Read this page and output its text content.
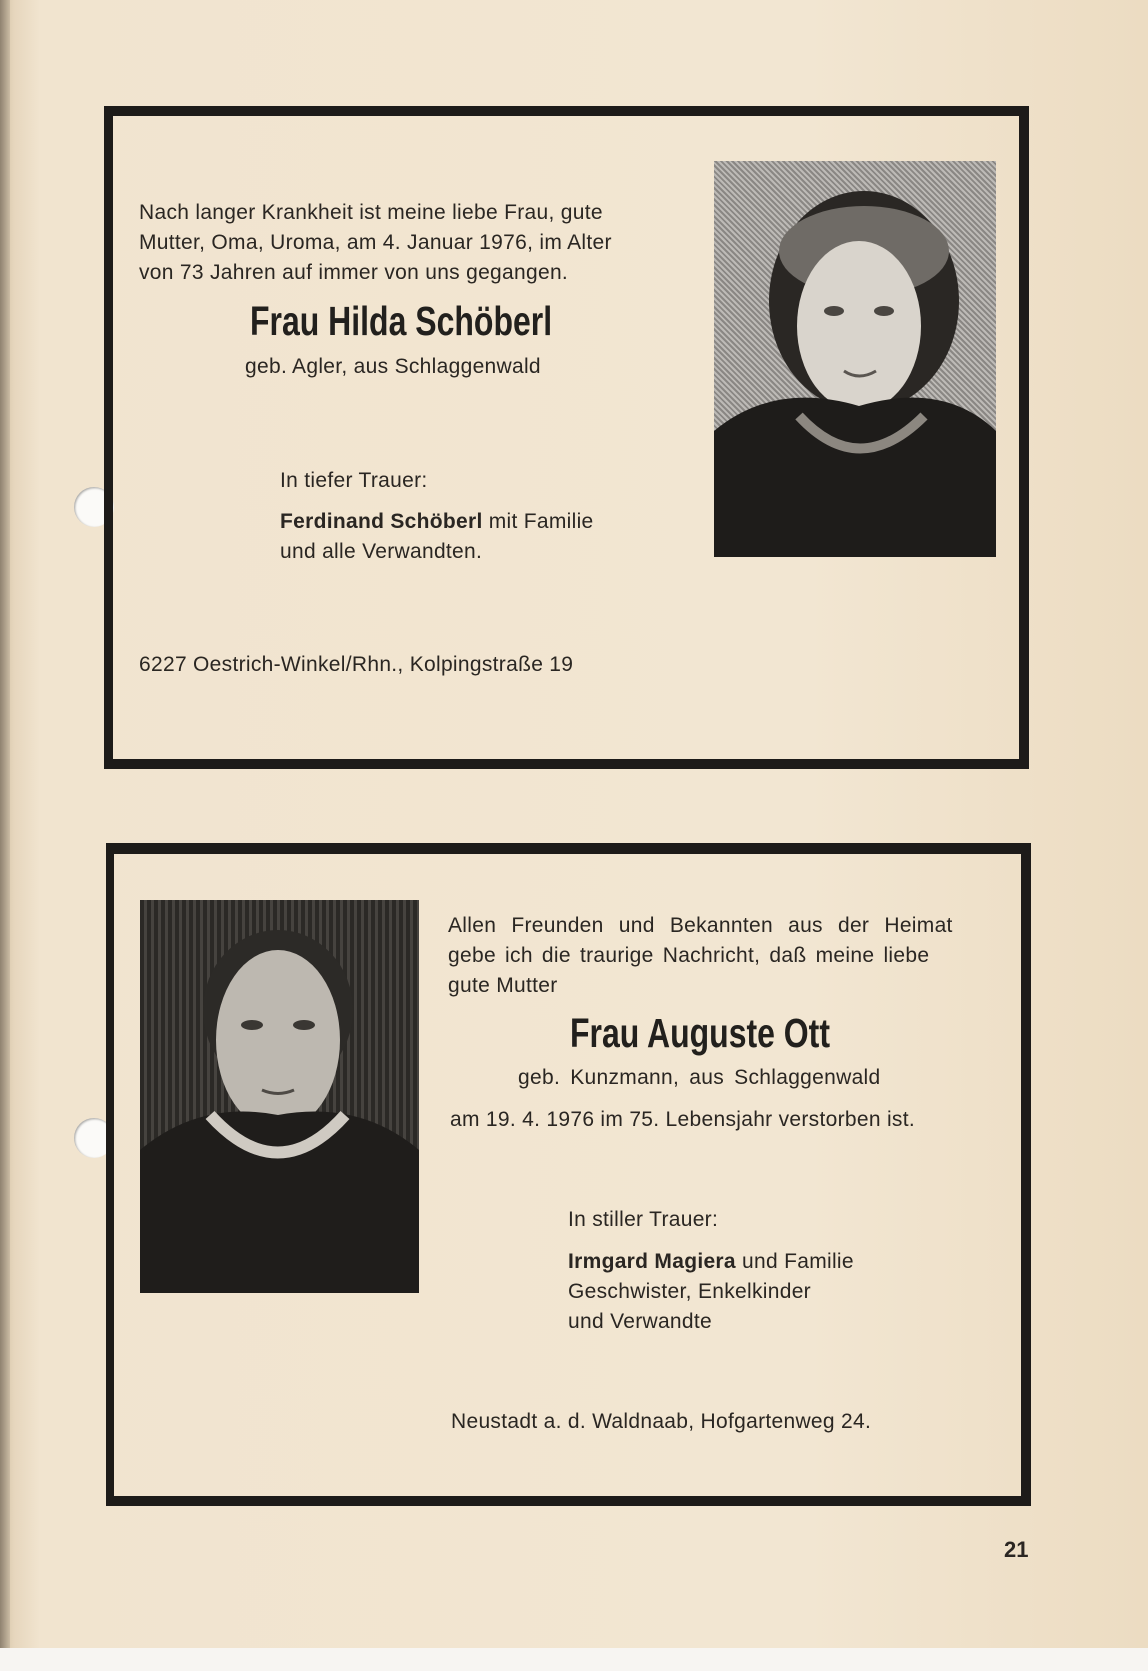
Nach langer Krankheit ist meine liebe Frau, gute
Mutter, Oma, Uroma, am 4. Januar 1976, im Alter
von 73 Jahren auf immer von uns gegangen.
Frau Hilda Schöberl
geb. Agler, aus Schlaggenwald
In tiefer Trauer:
Ferdinand Schöberl mit Familie
und alle Verwandten.
6227 Oestrich-Winkel/Rhn., Kolpingstraße 19
Allen Freunden und Bekannten aus der Heimat
gebe ich die traurige Nachricht, daß meine liebe
gute Mutter
Frau Auguste Ott
geb. Kunzmann, aus Schlaggenwald
am 19. 4. 1976 im 75. Lebensjahr verstorben ist.
In stiller Trauer:
Irmgard Magiera und Familie
Geschwister, Enkelkinder
und Verwandte
Neustadt a. d. Waldnaab, Hofgartenweg 24.
21
